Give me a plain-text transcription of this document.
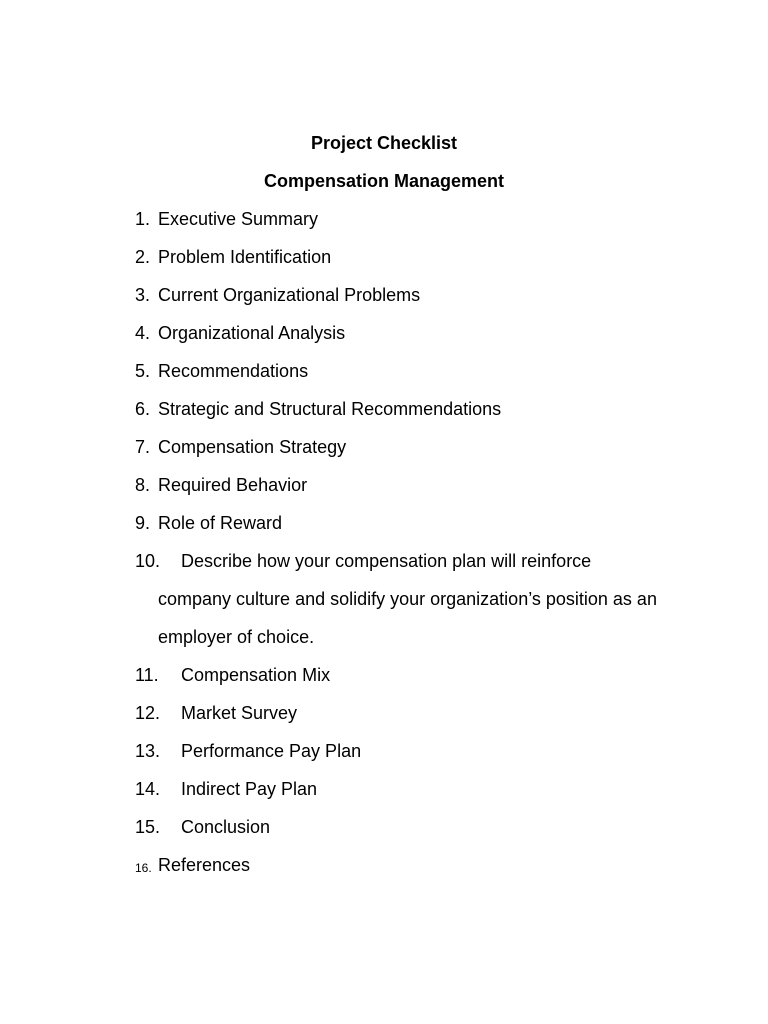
Project Checklist
Compensation Management
1. Executive Summary
2. Problem Identification
3. Current Organizational Problems
4. Organizational Analysis
5. Recommendations
6. Strategic and Structural Recommendations
7. Compensation Strategy
8. Required Behavior
9. Role of Reward
10. Describe how your compensation plan will reinforce
company culture and solidify your organization’s position as an
employer of choice.
11. Compensation Mix
12. Market Survey
13. Performance Pay Plan
14. Indirect Pay Plan
15. Conclusion
16. References
